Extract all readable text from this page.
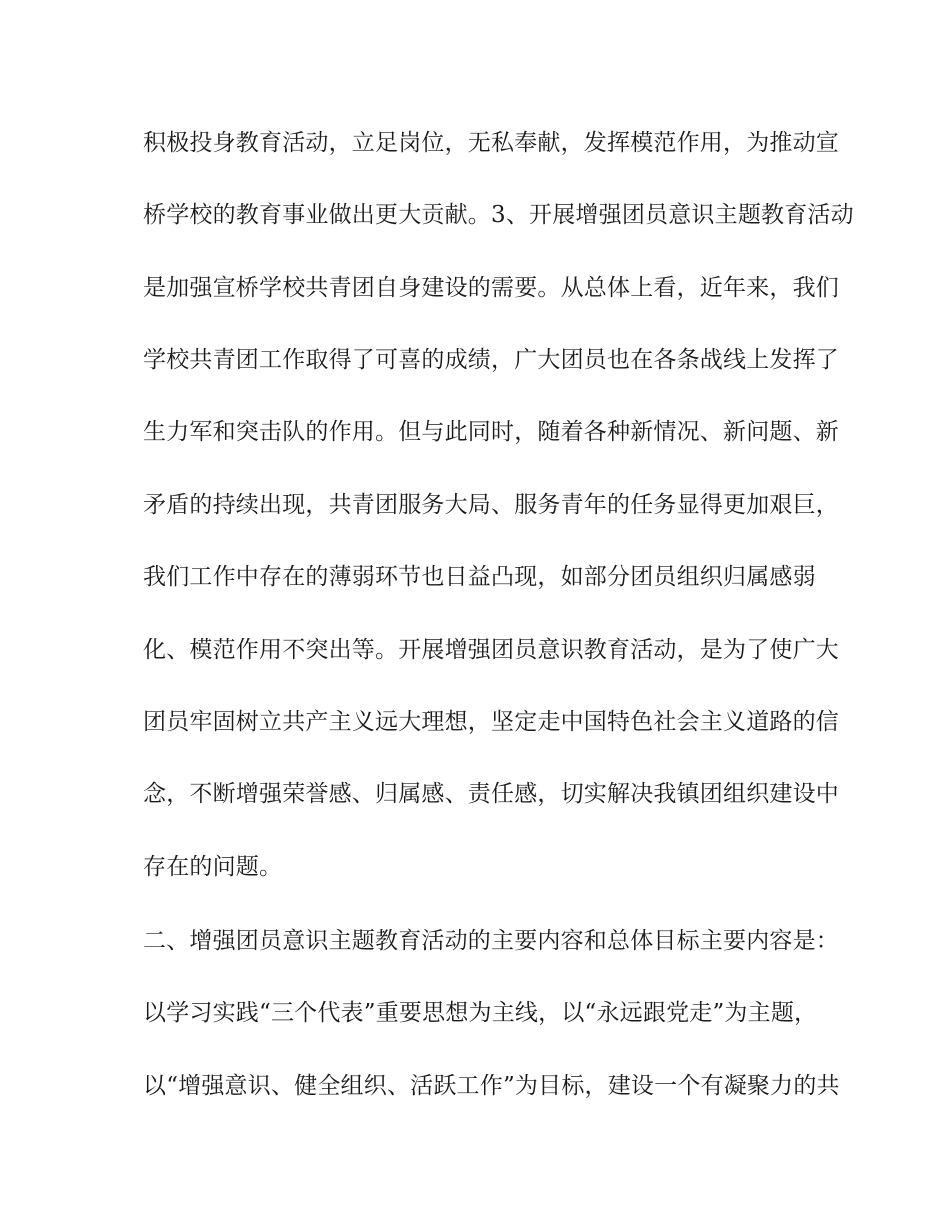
积极投身教育活动，立足岗位，无私奉献，发挥模范作用，为推动宣
桥学校的教育事业做出更大贡献。3、开展增强团员意识主题教育活动
是加强宣桥学校共青团自身建设的需要。从总体上看，近年来，我们
学校共青团工作取得了可喜的成绩，广大团员也在各条战线上发挥了
生力军和突击队的作用。但与此同时，随着各种新情况、新问题、新
矛盾的持续出现，共青团服务大局、服务青年的任务显得更加艰巨，
我们工作中存在的薄弱环节也日益凸现，如部分团员组织归属感弱
化、模范作用不突出等。开展增强团员意识教育活动，是为了使广大
团员牢固树立共产主义远大理想，坚定走中国特色社会主义道路的信
念，不断增强荣誉感、归属感、责任感，切实解决我镇团组织建设中
存在的问题。
二、增强团员意识主题教育活动的主要内容和总体目标主要内容是：
以学习实践“三个代表”重要思想为主线，以“永远跟党走”为主题，
以“增强意识、健全组织、活跃工作”为目标，建设一个有凝聚力的共
